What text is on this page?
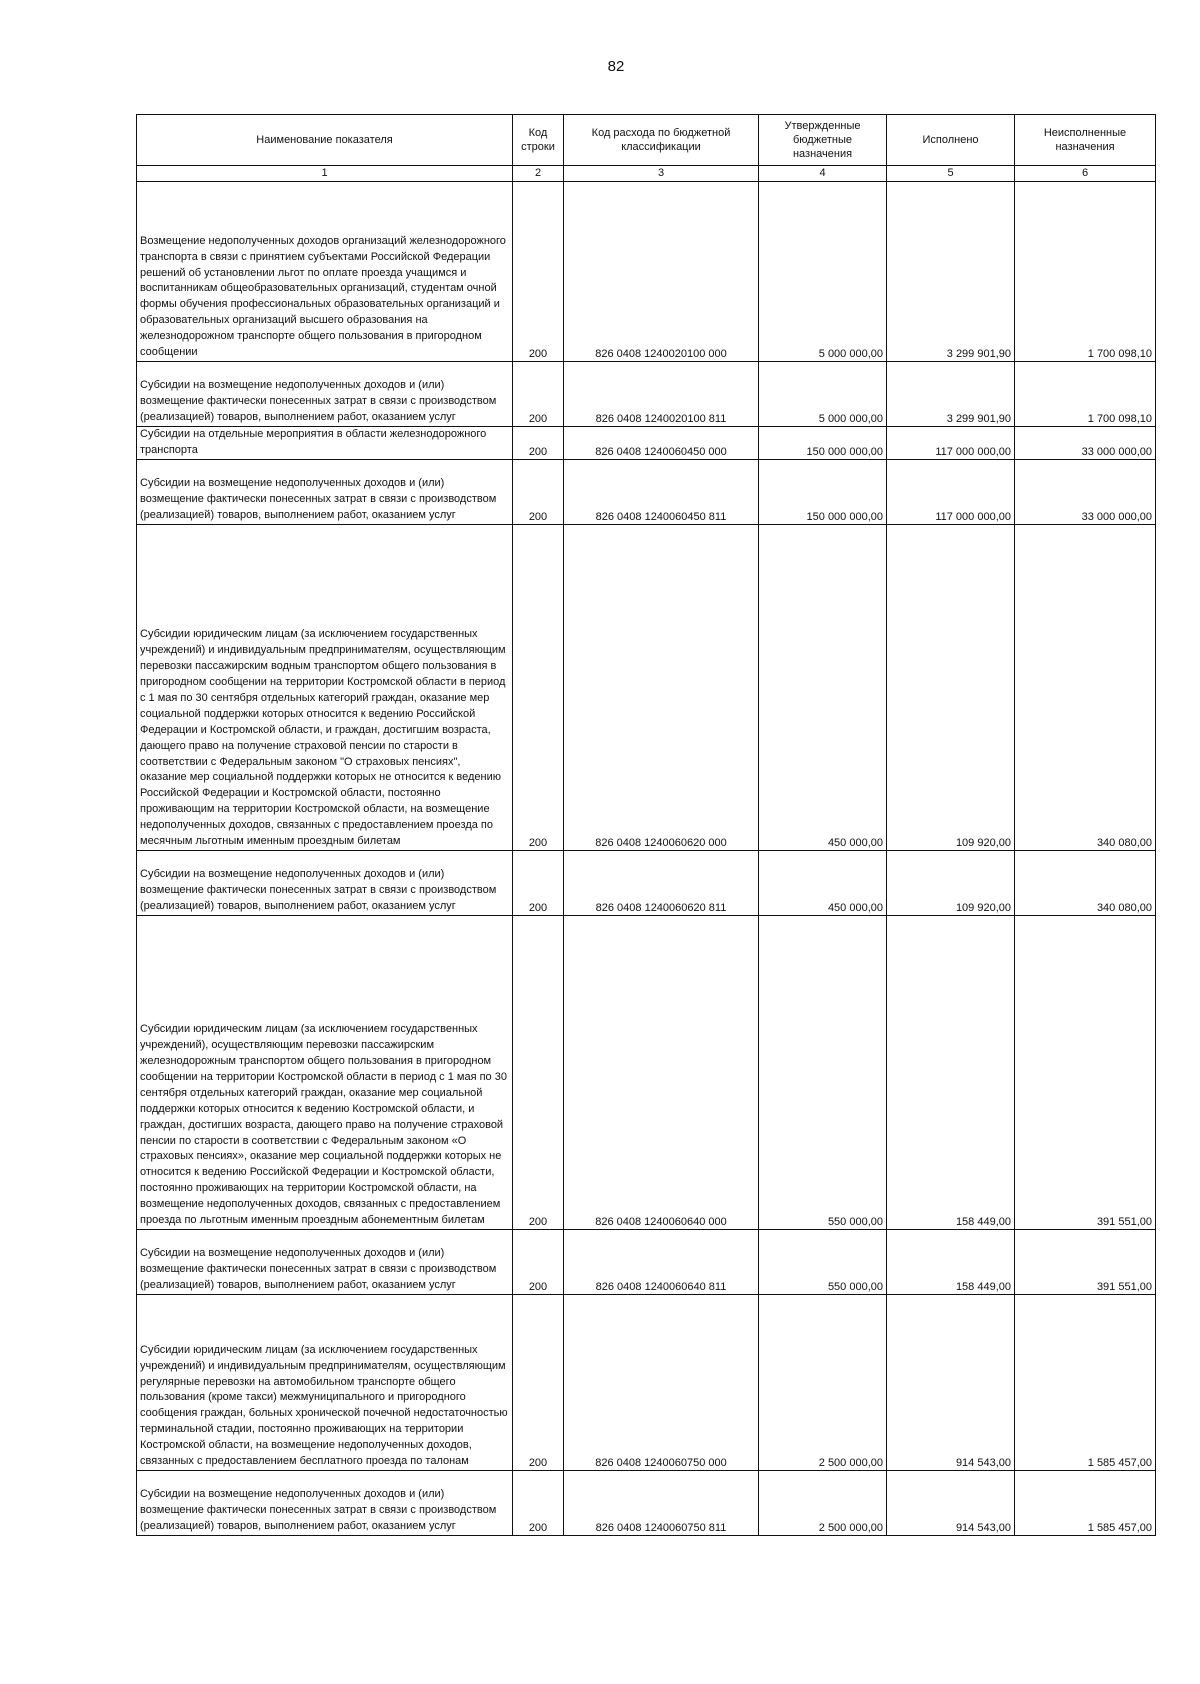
82
Наименование показателя	Код строки	Код расхода по бюджетной классификации	Утвержденные бюджетные назначения	Исполнено	Неисполненные назначения
1	2	3	4	5	6
Возмещение недополученных доходов организаций железнодорожного транспорта в связи с принятием субъектами Российской Федерации решений об установлении льгот по оплате проезда учащимся и воспитанникам общеобразовательных организаций, студентам очной формы обучения профессиональных образовательных организаций и образовательных организаций высшего образования на железнодорожном транспорте общего пользования в пригородном сообщении	200	826 0408 1240020100 000	5 000 000,00	3 299 901,90	1 700 098,10
Субсидии на возмещение недополученных доходов и (или) возмещение фактически понесенных затрат в связи с производством (реализацией) товаров, выполнением работ, оказанием услуг	200	826 0408 1240020100 811	5 000 000,00	3 299 901,90	1 700 098,10
Субсидии на отдельные мероприятия в области железнодорожного транспорта	200	826 0408 1240060450 000	150 000 000,00	117 000 000,00	33 000 000,00
Субсидии на возмещение недополученных доходов и (или) возмещение фактически понесенных затрат в связи с производством (реализацией) товаров, выполнением работ, оказанием услуг	200	826 0408 1240060450 811	150 000 000,00	117 000 000,00	33 000 000,00
Субсидии юридическим лицам (за исключением государственных учреждений) и индивидуальным предпринимателям, осуществляющим перевозки пассажирским водным транспортом общего пользования в пригородном сообщении на территории Костромской области в период с 1 мая по 30 сентября отдельных категорий граждан, оказание мер социальной поддержки которых относится к ведению Российской Федерации и Костромской области, и граждан, достигшим возраста, дающего право на получение страховой пенсии по старости в соответствии с Федеральным законом "О страховых пенсиях", оказание мер социальной поддержки которых не относится к ведению Российской Федерации и Костромской области, постоянно проживающим на территории Костромской области, на возмещение недополученных доходов, связанных с предоставлением проезда по месячным льготным именным проездным билетам	200	826 0408 1240060620 000	450 000,00	109 920,00	340 080,00
Субсидии на возмещение недополученных доходов и (или) возмещение фактически понесенных затрат в связи с производством (реализацией) товаров, выполнением работ, оказанием услуг	200	826 0408 1240060620 811	450 000,00	109 920,00	340 080,00
Субсидии юридическим лицам (за исключением государственных учреждений), осуществляющим перевозки пассажирским железнодорожным транспортом общего пользования в пригородном сообщении на территории Костромской области в период с 1 мая по 30 сентября отдельных категорий граждан, оказание мер социальной поддержки которых относится к ведению Костромской области, и граждан, достигших возраста, дающего право на получение страховой пенсии по старости в соответствии с Федеральным законом «О страховых пенсиях», оказание мер социальной поддержки которых не относится к ведению Российской Федерации и Костромской области, постоянно проживающих на территории Костромской области, на возмещение недополученных доходов, связанных с предоставлением проезда по льготным именным проездным абонементным билетам	200	826 0408 1240060640 000	550 000,00	158 449,00	391 551,00
Субсидии на возмещение недополученных доходов и (или) возмещение фактически понесенных затрат в связи с производством (реализацией) товаров, выполнением работ, оказанием услуг	200	826 0408 1240060640 811	550 000,00	158 449,00	391 551,00
Субсидии юридическим лицам (за исключением государственных учреждений) и индивидуальным предпринимателям, осуществляющим регулярные перевозки на автомобильном транспорте общего пользования (кроме такси) межмуниципального и пригородного сообщения граждан, больных хронической почечной недостаточностью терминальной стадии, постоянно проживающих на территории Костромской области, на возмещение недополученных доходов, связанных с предоставлением бесплатного проезда по талонам	200	826 0408 1240060750 000	2 500 000,00	914 543,00	1 585 457,00
Субсидии на возмещение недополученных доходов и (или) возмещение фактически понесенных затрат в связи с производством (реализацией) товаров, выполнением работ, оказанием услуг	200	826 0408 1240060750 811	2 500 000,00	914 543,00	1 585 457,00
